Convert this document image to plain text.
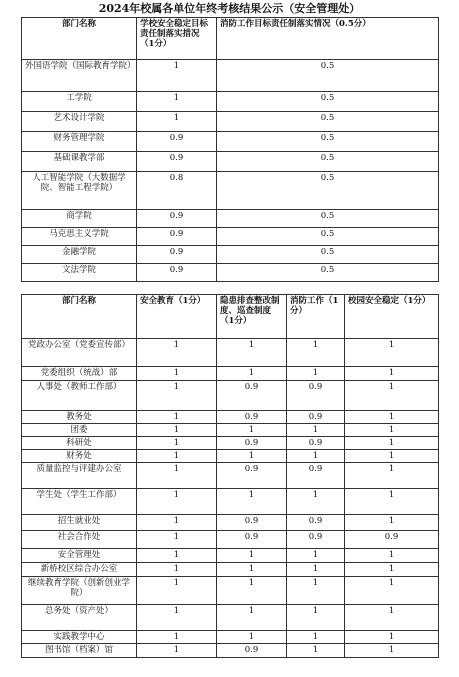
2024年校属各单位年终考核结果公示（安全管理处）
部门名称	学校安全稳定目标责任制落实措况（1分）	消防工作目标责任制落实情况（0.5分）
外国语学院（国际教育学院）	1	0.5
工学院	1	0.5
艺术设计学院	1	0.5
财务管理学院	0.9	0.5
基础课教学部	0.9	0.5
人工智能学院（大数据学院、智能工程学院）	0.8	0.5
商学院	0.9	0.5
马克思主义学院	0.9	0.5
金融学院	0.9	0.5
文法学院	0.9	0.5
部门名称	安全教育（1分）	隐患排查整改制度、巡查制度（1分）	消防工作（1分）	校园安全稳定（1分）
党政办公室（党委宣传部）	1	1	1	1
党委组织（统战）部	1	1	1	1
人事处（教师工作部）	1	0.9	0.9	1
教务处	1	0.9	0.9	1
团委	1	1	1	1
科研处	1	0.9	0.9	1
财务处	1	1	1	1
质量监控与评建办公室	1	0.9	0.9	1
学生处（学生工作部）	1	1	1	1
招生就业处	1	0.9	0.9	1
社会合作处	1	0.9	0.9	0.9
安全管理处	1	1	1	1
新桥校区综合办公室	1	1	1	1
继续教育学院（创新创业学院）	1	1	1	1
总务处（资产处）	1	1	1	1
实践教学中心	1	1	1	1
图书馆（档案）馆	1	0.9	1	1
